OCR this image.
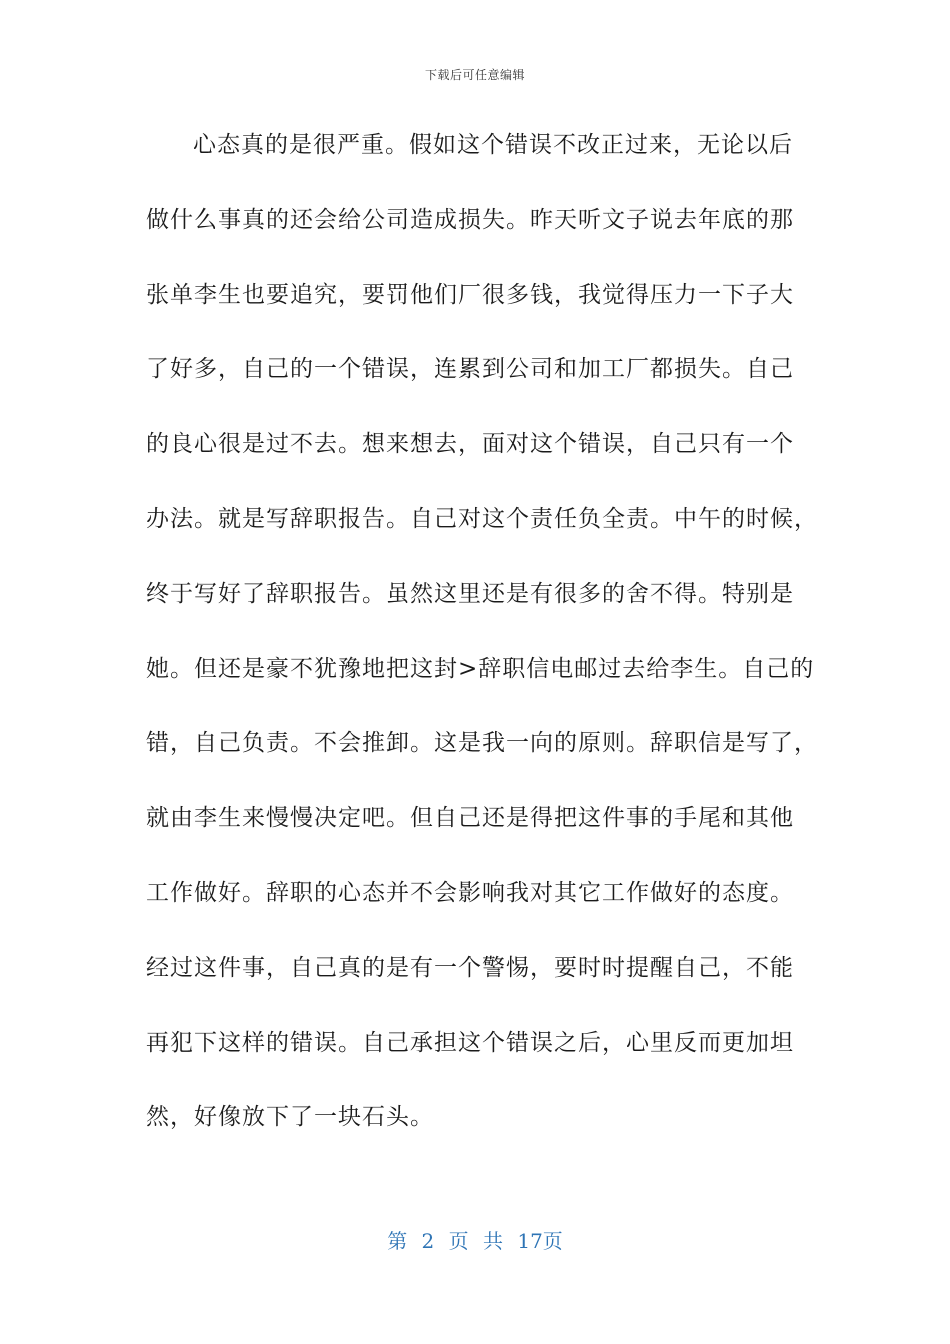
下载后可任意编辑
心态真的是很严重。假如这个错误不改正过来，无论以后
做什么事真的还会给公司造成损失。昨天听文子说去年底的那
张单李生也要追究，要罚他们厂很多钱，我觉得压力一下子大
了好多，自己的一个错误，连累到公司和加工厂都损失。自己
的良心很是过不去。想来想去，面对这个错误，自己只有一个
办法。就是写辞职报告。自己对这个责任负全责。中午的时候，
终于写好了辞职报告。虽然这里还是有很多的舍不得。特别是
她。但还是豪不犹豫地把这封>辞职信电邮过去给李生。自己的
错，自己负责。不会推卸。这是我一向的原则。辞职信是写了，
就由李生来慢慢决定吧。但自己还是得把这件事的手尾和其他
工作做好。辞职的心态并不会影响我对其它工作做好的态度。
经过这件事，自己真的是有一个警惕，要时时提醒自己，不能
再犯下这样的错误。自己承担这个错误之后，心里反而更加坦
然，好像放下了一块石头。
第 2 页 共 17页
